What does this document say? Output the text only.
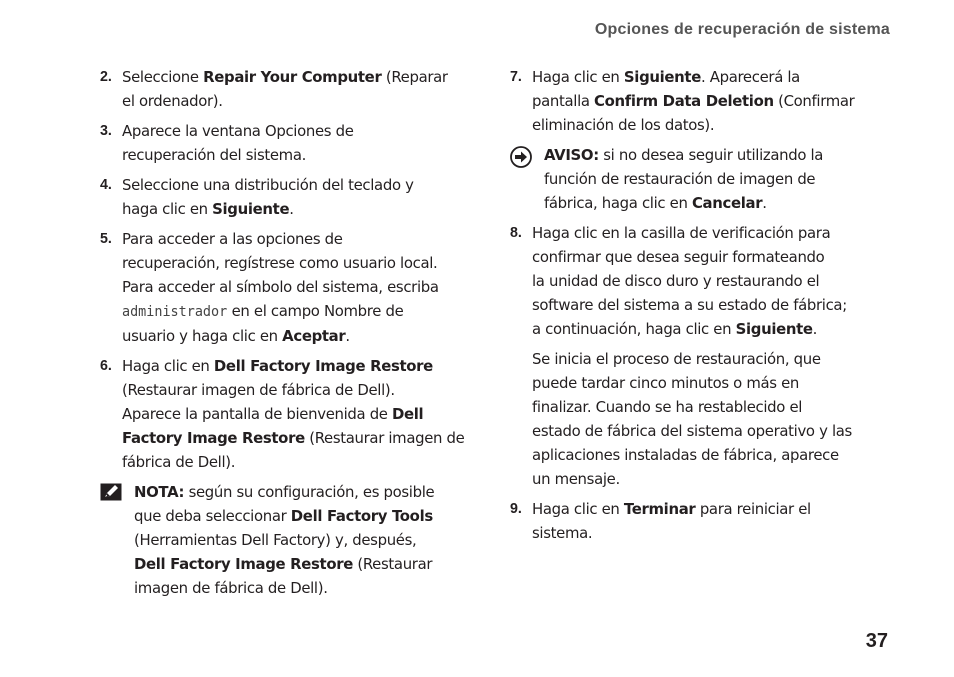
Opciones de recuperación de sistema
2. Seleccione Repair Your Computer (Reparar
el ordenador).
3. Aparece la ventana Opciones de
recuperación del sistema.
4. Seleccione una distribución del teclado y
haga clic en Siguiente.
5. Para acceder a las opciones de
recuperación, regístrese como usuario local.
Para acceder al símbolo del sistema, escriba
administrador en el campo Nombre de
usuario y haga clic en Aceptar.
6. Haga clic en Dell Factory Image Restore
(Restaurar imagen de fábrica de Dell).
Aparece la pantalla de bienvenida de Dell
Factory Image Restore (Restaurar imagen de
fábrica de Dell).
NOTA: según su configuración, es posible
que deba seleccionar Dell Factory Tools
(Herramientas Dell Factory) y, después,
Dell Factory Image Restore (Restaurar
imagen de fábrica de Dell).
7. Haga clic en Siguiente. Aparecerá la
pantalla Confirm Data Deletion (Confirmar
eliminación de los datos).
AVISO: si no desea seguir utilizando la
función de restauración de imagen de
fábrica, haga clic en Cancelar.
8. Haga clic en la casilla de verificación para
confirmar que desea seguir formateando
la unidad de disco duro y restaurando el
software del sistema a su estado de fábrica;
a continuación, haga clic en Siguiente.
Se inicia el proceso de restauración, que
puede tardar cinco minutos o más en
finalizar. Cuando se ha restablecido el
estado de fábrica del sistema operativo y las
aplicaciones instaladas de fábrica, aparece
un mensaje.
9. Haga clic en Terminar para reiniciar el
sistema.
37
